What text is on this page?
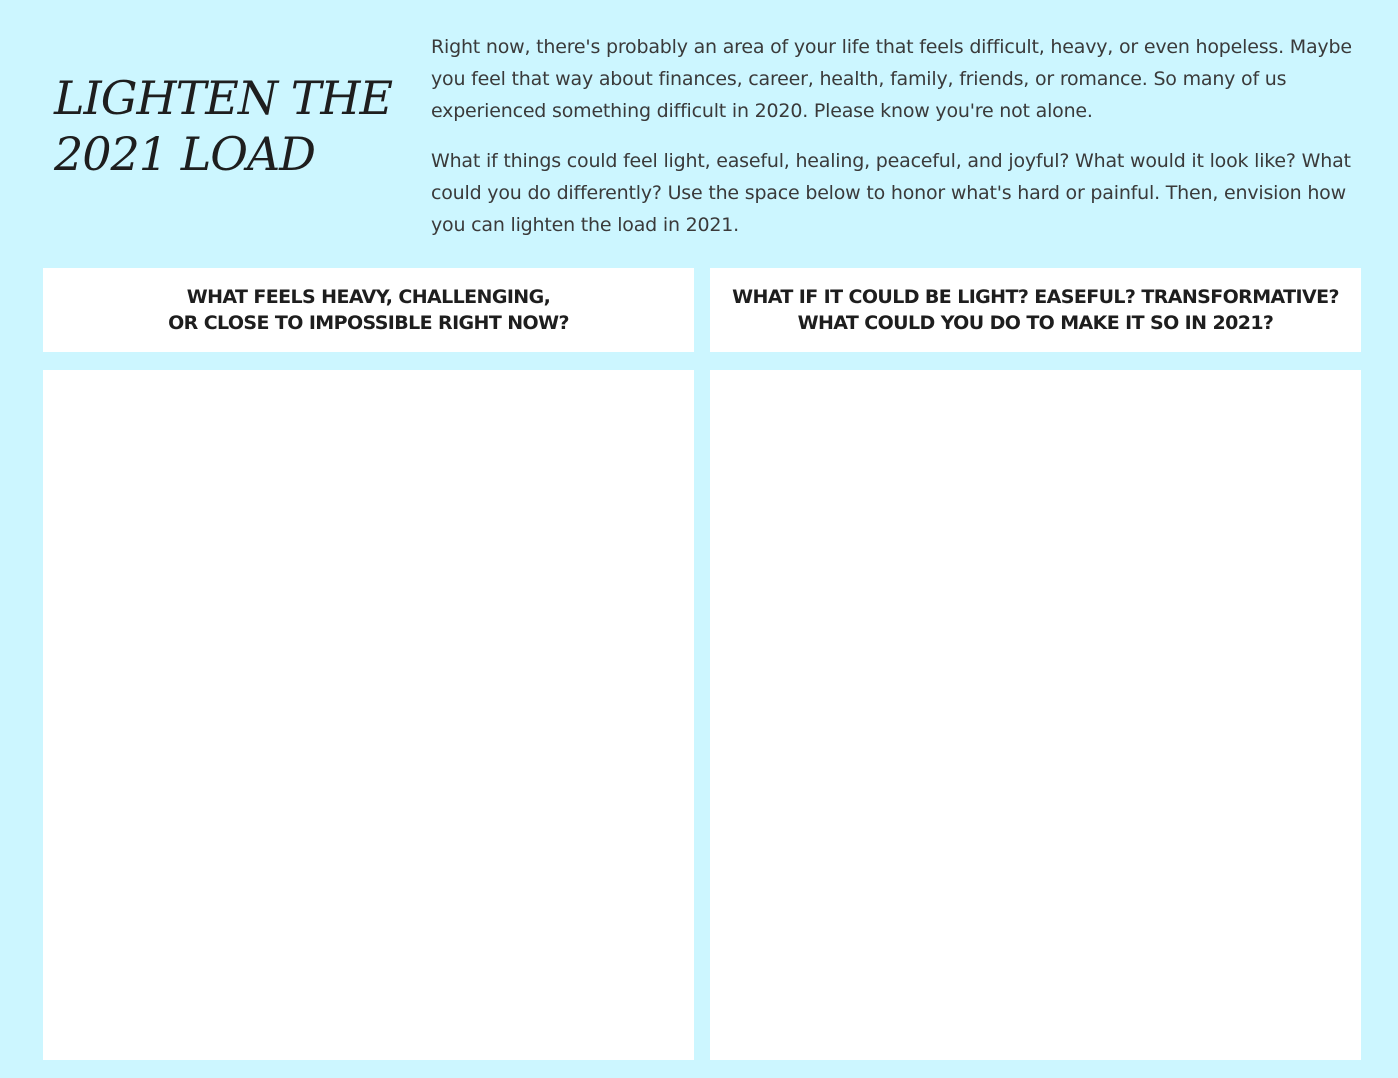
LIGHTEN THE
2021 LOAD

Right now, there's probably an area of your life that feels difficult, heavy, or even hopeless. Maybe you feel that way about finances, career, health, family, friends, or romance. So many of us experienced something difficult in 2020. Please know you're not alone.

What if things could feel light, easeful, healing, peaceful, and joyful? What would it look like? What could you do differently? Use the space below to honor what's hard or painful. Then, envision how you can lighten the load in 2021.

WHAT FEELS HEAVY, CHALLENGING,
OR CLOSE TO IMPOSSIBLE RIGHT NOW?
WHAT IF IT COULD BE LIGHT? EASEFUL? TRANSFORMATIVE?
WHAT COULD YOU DO TO MAKE IT SO IN 2021?
